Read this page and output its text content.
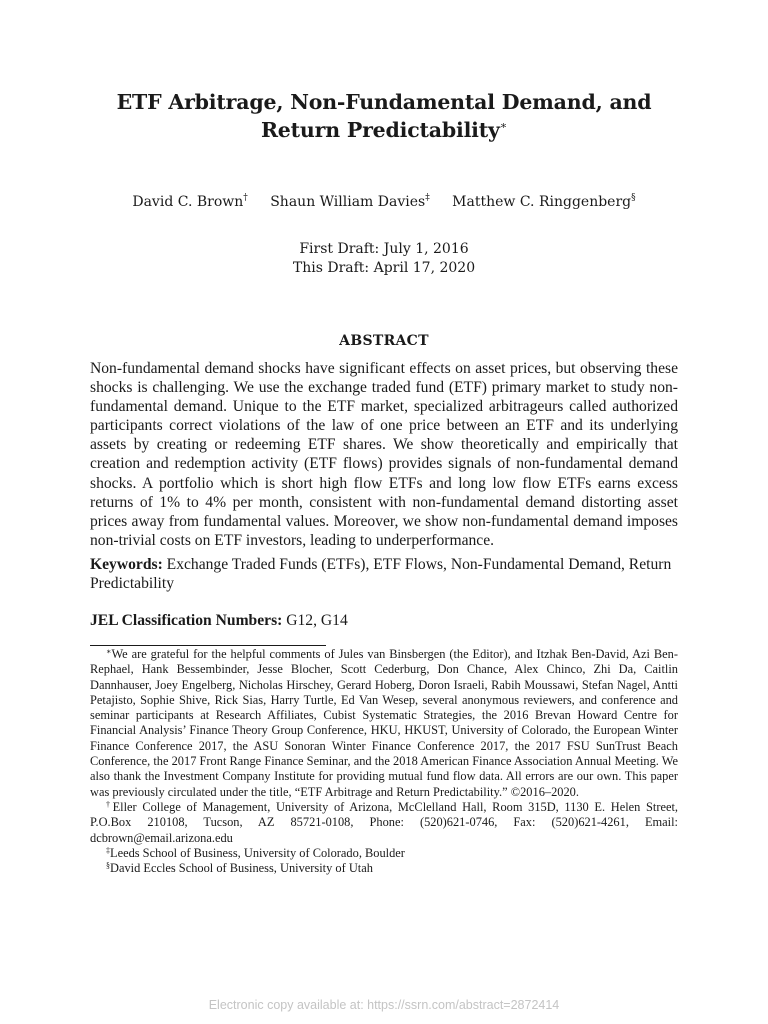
ETF Arbitrage, Non-Fundamental Demand, and
Return Predictability∗
David C. Brown† Shaun William Davies‡ Matthew C. Ringgenberg§
First Draft: July 1, 2016
This Draft: April 17, 2020
ABSTRACT

Non-fundamental demand shocks have significant effects on asset prices, but observing these shocks is challenging. We use the exchange traded fund (ETF) primary market to study non-fundamental demand. Unique to the ETF market, specialized arbitrageurs called authorized participants correct violations of the law of one price between an ETF and its underlying assets by creating or redeeming ETF shares. We show theoretically and empirically that creation and redemption activity (ETF flows) provides signals of non-fundamental demand shocks. A portfolio which is short high flow ETFs and long low flow ETFs earns excess returns of 1% to 4% per month, consistent with non-fundamental demand distorting asset prices away from fundamental values. Moreover, we show non-fundamental demand imposes non-trivial costs on ETF investors, leading to underperformance.

Keywords: Exchange Traded Funds (ETFs), ETF Flows, Non-Fundamental Demand, Return Predictability

JEL Classification Numbers: G12, G14

∗We are grateful for the helpful comments of Jules van Binsbergen (the Editor), and Itzhak Ben-David, Azi Ben-Rephael, Hank Bessembinder, Jesse Blocher, Scott Cederburg, Don Chance, Alex Chinco, Zhi Da, Caitlin Dannhauser, Joey Engelberg, Nicholas Hirschey, Gerard Hoberg, Doron Israeli, Rabih Moussawi, Stefan Nagel, Antti Petajisto, Sophie Shive, Rick Sias, Harry Turtle, Ed Van Wesep, several anonymous reviewers, and conference and seminar participants at Research Affiliates, Cubist Systematic Strategies, the 2016 Brevan Howard Centre for Financial Analysis’ Finance Theory Group Conference, HKU, HKUST, University of Colorado, the European Winter Finance Conference 2017, the ASU Sonoran Winter Finance Conference 2017, the 2017 FSU SunTrust Beach Conference, the 2017 Front Range Finance Seminar, and the 2018 American Finance Association Annual Meeting. We also thank the Investment Company Institute for providing mutual fund flow data. All errors are our own. This paper was previously circulated under the title, “ETF Arbitrage and Return Predictability.” ©2016–2020.

†Eller College of Management, University of Arizona, McClelland Hall, Room 315D, 1130 E. Helen Street, P.O.Box 210108, Tucson, AZ 85721-0108, Phone: (520)621-0746, Fax: (520)621-4261, Email: dcbrown@email.arizona.edu

‡Leeds School of Business, University of Colorado, Boulder

§David Eccles School of Business, University of Utah

Electronic copy available at: https://ssrn.com/abstract=2872414
